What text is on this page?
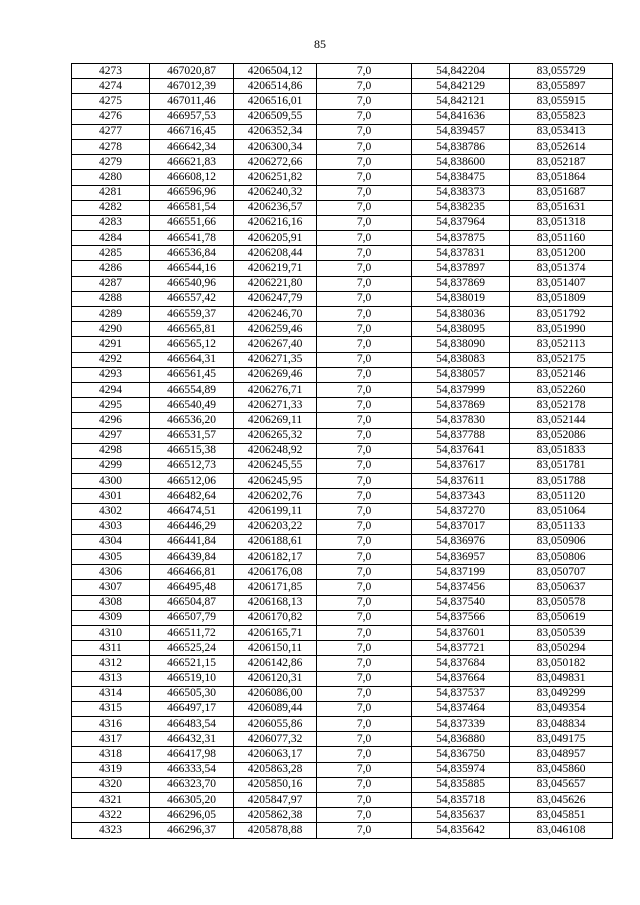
85
4273	467020,87	4206504,12	7,0	54,842204	83,055729
4274	467012,39	4206514,86	7,0	54,842129	83,055897
4275	467011,46	4206516,01	7,0	54,842121	83,055915
4276	466957,53	4206509,55	7,0	54,841636	83,055823
4277	466716,45	4206352,34	7,0	54,839457	83,053413
4278	466642,34	4206300,34	7,0	54,838786	83,052614
4279	466621,83	4206272,66	7,0	54,838600	83,052187
4280	466608,12	4206251,82	7,0	54,838475	83,051864
4281	466596,96	4206240,32	7,0	54,838373	83,051687
4282	466581,54	4206236,57	7,0	54,838235	83,051631
4283	466551,66	4206216,16	7,0	54,837964	83,051318
4284	466541,78	4206205,91	7,0	54,837875	83,051160
4285	466536,84	4206208,44	7,0	54,837831	83,051200
4286	466544,16	4206219,71	7,0	54,837897	83,051374
4287	466540,96	4206221,80	7,0	54,837869	83,051407
4288	466557,42	4206247,79	7,0	54,838019	83,051809
4289	466559,37	4206246,70	7,0	54,838036	83,051792
4290	466565,81	4206259,46	7,0	54,838095	83,051990
4291	466565,12	4206267,40	7,0	54,838090	83,052113
4292	466564,31	4206271,35	7,0	54,838083	83,052175
4293	466561,45	4206269,46	7,0	54,838057	83,052146
4294	466554,89	4206276,71	7,0	54,837999	83,052260
4295	466540,49	4206271,33	7,0	54,837869	83,052178
4296	466536,20	4206269,11	7,0	54,837830	83,052144
4297	466531,57	4206265,32	7,0	54,837788	83,052086
4298	466515,38	4206248,92	7,0	54,837641	83,051833
4299	466512,73	4206245,55	7,0	54,837617	83,051781
4300	466512,06	4206245,95	7,0	54,837611	83,051788
4301	466482,64	4206202,76	7,0	54,837343	83,051120
4302	466474,51	4206199,11	7,0	54,837270	83,051064
4303	466446,29	4206203,22	7,0	54,837017	83,051133
4304	466441,84	4206188,61	7,0	54,836976	83,050906
4305	466439,84	4206182,17	7,0	54,836957	83,050806
4306	466466,81	4206176,08	7,0	54,837199	83,050707
4307	466495,48	4206171,85	7,0	54,837456	83,050637
4308	466504,87	4206168,13	7,0	54,837540	83,050578
4309	466507,79	4206170,82	7,0	54,837566	83,050619
4310	466511,72	4206165,71	7,0	54,837601	83,050539
4311	466525,24	4206150,11	7,0	54,837721	83,050294
4312	466521,15	4206142,86	7,0	54,837684	83,050182
4313	466519,10	4206120,31	7,0	54,837664	83,049831
4314	466505,30	4206086,00	7,0	54,837537	83,049299
4315	466497,17	4206089,44	7,0	54,837464	83,049354
4316	466483,54	4206055,86	7,0	54,837339	83,048834
4317	466432,31	4206077,32	7,0	54,836880	83,049175
4318	466417,98	4206063,17	7,0	54,836750	83,048957
4319	466333,54	4205863,28	7,0	54,835974	83,045860
4320	466323,70	4205850,16	7,0	54,835885	83,045657
4321	466305,20	4205847,97	7,0	54,835718	83,045626
4322	466296,05	4205862,38	7,0	54,835637	83,045851
4323	466296,37	4205878,88	7,0	54,835642	83,046108
